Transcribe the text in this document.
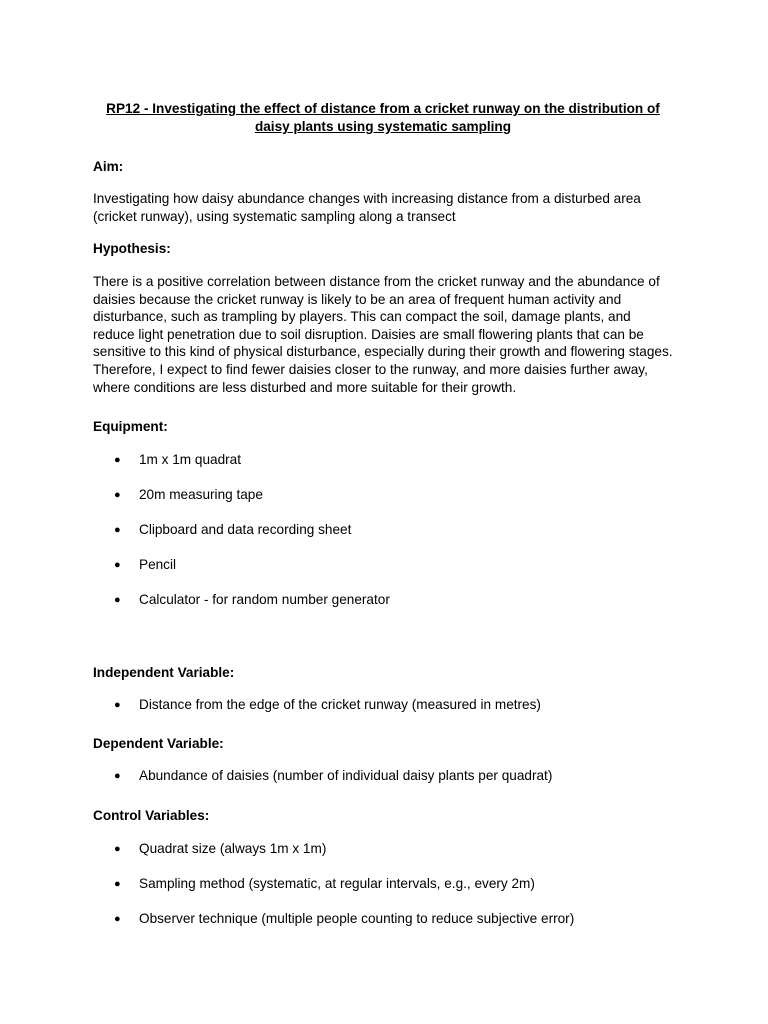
RP12 - Investigating the effect of distance from a cricket runway on the distribution of
daisy plants using systematic sampling
Aim:

Investigating how daisy abundance changes with increasing distance from a disturbed area (cricket runway), using systematic sampling along a transect

Hypothesis:

There is a positive correlation between distance from the cricket runway and the abundance of daisies because the cricket runway is likely to be an area of frequent human activity and disturbance, such as trampling by players. This can compact the soil, damage plants, and reduce light penetration due to soil disruption. Daisies are small flowering plants that can be sensitive to this kind of physical disturbance, especially during their growth and flowering stages. Therefore, I expect to find fewer daisies closer to the runway, and more daisies further away, where conditions are less disturbed and more suitable for their growth.

Equipment:
● 1m x 1m quadrat
● 20m measuring tape
● Clipboard and data recording sheet
● Pencil
● Calculator - for random number generator
Independent Variable:
● Distance from the edge of the cricket runway (measured in metres)
Dependent Variable:
● Abundance of daisies (number of individual daisy plants per quadrat)
Control Variables:
● Quadrat size (always 1m x 1m)
● Sampling method (systematic, at regular intervals, e.g., every 2m)
● Observer technique (multiple people counting to reduce subjective error)
